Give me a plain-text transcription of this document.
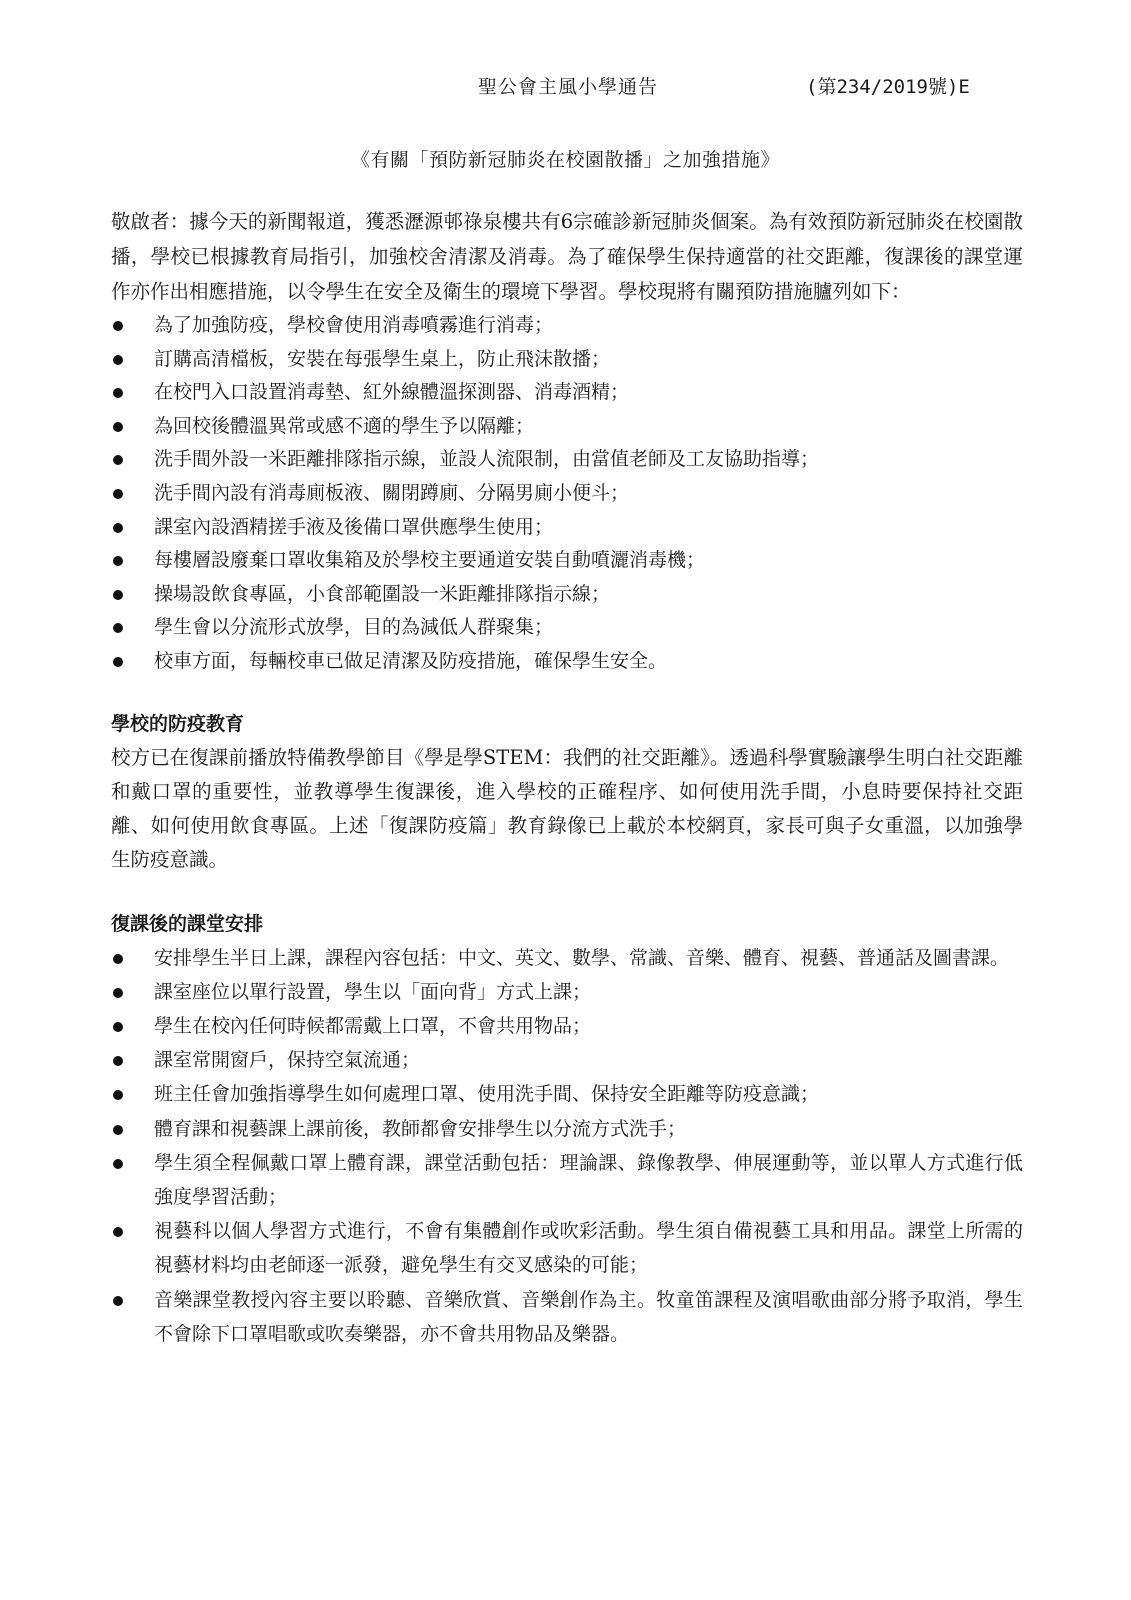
聖公會主風小學通告	(第234/2019號)E
《有關「預防新冠肺炎在校園散播」之加強措施》

敬啟者：據今天的新聞報道，獲悉瀝源邨祿泉樓共有6宗確診新冠肺炎個案。為有效預防新冠肺炎在校園散播，學校已根據教育局指引，加強校舍清潔及消毒。為了確保學生保持適當的社交距離，復課後的課堂運作亦作出相應措施，以令學生在安全及衛生的環境下學習。學校現將有關預防措施臚列如下：

為了加強防疫，學校會使用消毒噴霧進行消毒；
訂購高清檔板，安裝在每張學生桌上，防止飛沫散播；
在校門入口設置消毒墊、紅外線體溫探測器、消毒酒精；
為回校後體溫異常或感不適的學生予以隔離；
洗手間外設一米距離排隊指示線，並設人流限制，由當值老師及工友協助指導；
洗手間內設有消毒廁板液、關閉蹲廁、分隔男廁小便斗；
課室內設酒精搓手液及後備口罩供應學生使用；
每樓層設廢棄口罩收集箱及於學校主要通道安裝自動噴灑消毒機；
操場設飲食專區，小食部範圍設一米距離排隊指示線；
學生會以分流形式放學，目的為減低人群聚集；
校車方面，每輛校車已做足清潔及防疫措施，確保學生安全。
學校的防疫教育

校方已在復課前播放特備教學節目《學是學STEM：我們的社交距離》。透過科學實驗讓學生明白社交距離和戴口罩的重要性，並教導學生復課後，進入學校的正確程序、如何使用洗手間，小息時要保持社交距離、如何使用飲食專區。上述「復課防疫篇」教育錄像已上載於本校網頁，家長可與子女重溫，以加強學生防疫意識。

復課後的課堂安排
安排學生半日上課，課程內容包括：中文、英文、數學、常識、音樂、體育、視藝、普通話及圖書課。
課室座位以單行設置，學生以「面向背」方式上課；
學生在校內任何時候都需戴上口罩，不會共用物品；
課室常開窗戶，保持空氣流通；
班主任會加強指導學生如何處理口罩、使用洗手間、保持安全距離等防疫意識；
體育課和視藝課上課前後，教師都會安排學生以分流方式洗手；
學生須全程佩戴口罩上體育課，課堂活動包括：理論課、錄像教學、伸展運動等，並以單人方式進行低強度學習活動；
視藝科以個人學習方式進行，不會有集體創作或吹彩活動。學生須自備視藝工具和用品。課堂上所需的視藝材料均由老師逐一派發，避免學生有交叉感染的可能；
音樂課堂教授內容主要以聆聽、音樂欣賞、音樂創作為主。牧童笛課程及演唱歌曲部分將予取消，學生不會除下口罩唱歌或吹奏樂器，亦不會共用物品及樂器。
